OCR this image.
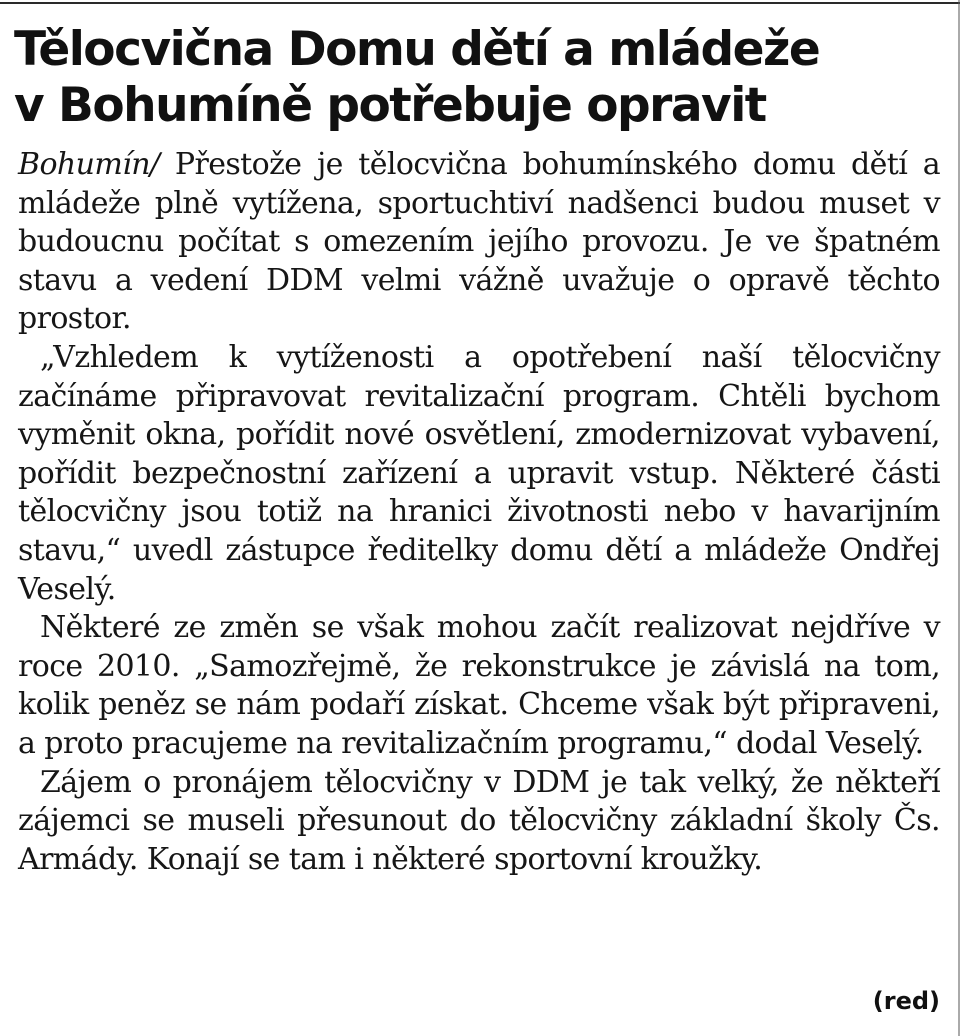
Tělocvična Domu dětí a mládeže
v Bohumíně potřebuje opravit

Bohumín/ Přestože je tělocvična bohumínského domu dětí a mládeže plně vytížena, sportuchtiví nadšenci budou muset v budoucnu počítat s omezením jejího provozu. Je ve špatném stavu a vedení DDM velmi vážně uvažuje o opravě těchto prostor.

„Vzhledem k vytíženosti a opotřebení naší tělocvičny začínáme připravovat revitalizační program. Chtěli bychom vyměnit okna, pořídit nové osvětlení, zmodernizovat vybavení, pořídit bezpečnostní zařízení a upravit vstup. Některé části tělocvičny jsou totiž na hranici životnosti nebo v havarijním stavu,“ uvedl zástupce ředitelky domu dětí a mládeže Ondřej Veselý.

Některé ze změn se však mohou začít realizovat nejdříve v roce 2010. „Samozřejmě, že rekonstrukce je závislá na tom, kolik peněz se nám podaří získat. Chceme však být připraveni, a proto pracujeme na revitalizačním programu,“ dodal Veselý.

Zájem o pronájem tělocvičny v DDM je tak velký, že někteří zájemci se museli přesunout do tělocvičny základní školy Čs. Armády. Konají se tam i některé sportovní kroužky.

(red)
